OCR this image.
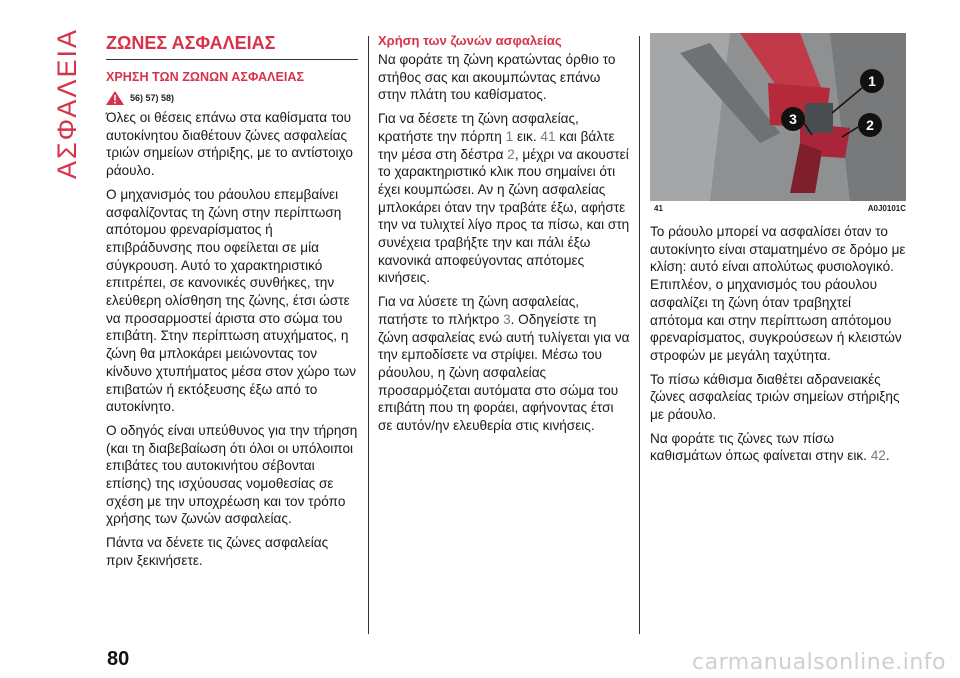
ΑΣΦΑΛΕΙΑ ΖΩΝΕΣ ΑΣΦΑΛΕΙΑΣ
ΧΡΗΣΗ ΤΩΝ ΖΩΝΩΝ ΑΣΦΑΛΕΙΑΣ
56) 57) 58)

Όλες οι θέσεις επάνω στα καθίσματα του αυτοκίνητου διαθέτουν ζώνες ασφαλείας τριών σημείων στήριξης, με το αντίστοιχο ράουλο.

Ο μηχανισμός του ράουλου επεμβαίνει ασφαλίζοντας τη ζώνη στην περίπτωση απότομου φρεναρίσματος ή επιβράδυνσης που οφείλεται σε μία σύγκρουση. Αυτό το χαρακτηριστικό επιτρέπει, σε κανονικές συνθήκες, την ελεύθερη ολίσθηση της ζώνης, έτσι ώστε να προσαρμοστεί άριστα στο σώμα του επιβάτη. Στην περίπτωση ατυχήματος, η ζώνη θα μπλοκάρει μειώνοντας τον κίνδυνο χτυπήματος μέσα στον χώρο των επιβατών ή εκτόξευσης έξω από το αυτοκίνητο.

Ο οδηγός είναι υπεύθυνος για την τήρηση (και τη διαβεβαίωση ότι όλοι οι υπόλοιποι επιβάτες του αυτοκινήτου σέβονται επίσης) της ισχύουσας νομοθεσίας σε σχέση με την υποχρέωση και τον τρόπο χρήσης των ζωνών ασφαλείας.

Πάντα να δένετε τις ζώνες ασφαλείας πριν ξεκινήσετε.

Χρήση των ζωνών ασφαλείας

Να φοράτε τη ζώνη κρατώντας όρθιο το στήθος σας και ακουμπώντας επάνω στην πλάτη του καθίσματος.

Για να δέσετε τη ζώνη ασφαλείας, κρατήστε την πόρπη 1 εικ. 41 και βάλτε την μέσα στη δέστρα 2, μέχρι να ακουστεί το χαρακτηριστικό κλικ που σημαίνει ότι έχει κουμπώσει. Αν η ζώνη ασφαλείας μπλοκάρει όταν την τραβάτε έξω, αφήστε την να τυλιχτεί λίγο προς τα πίσω, και στη συνέχεια τραβήξτε την και πάλι έξω κανονικά αποφεύγοντας απότομες κινήσεις.

Για να λύσετε τη ζώνη ασφαλείας, πατήστε το πλήκτρο 3. Οδηγείστε τη ζώνη ασφαλείας ενώ αυτή τυλίγεται για να την εμποδίσετε να στρίψει. Μέσω του ράουλου, η ζώνη ασφαλείας προσαρμόζεται αυτόματα στο σώμα του επιβάτη που τη φοράει, αφήνοντας έτσι σε αυτόν/ην ελευθερία στις κινήσεις.

1
2
3
41	A0J0101C

Το ράουλο μπορεί να ασφαλίσει όταν το αυτοκίνητο είναι σταματημένο σε δρόμο με κλίση: αυτό είναι απολύτως φυσιολογικό. Επιπλέον, ο μηχανισμός του ράουλου ασφαλίζει τη ζώνη όταν τραβηχτεί απότομα και στην περίπτωση απότομου φρεναρίσματος, συγκρούσεων ή κλειστών στροφών με μεγάλη ταχύτητα.

Το πίσω κάθισμα διαθέτει αδρανειακές ζώνες ασφαλείας τριών σημείων στήριξης με ράουλο.

Να φοράτε τις ζώνες των πίσω καθισμάτων όπως φαίνεται στην εικ. 42.

80	carmanualsonline.info
